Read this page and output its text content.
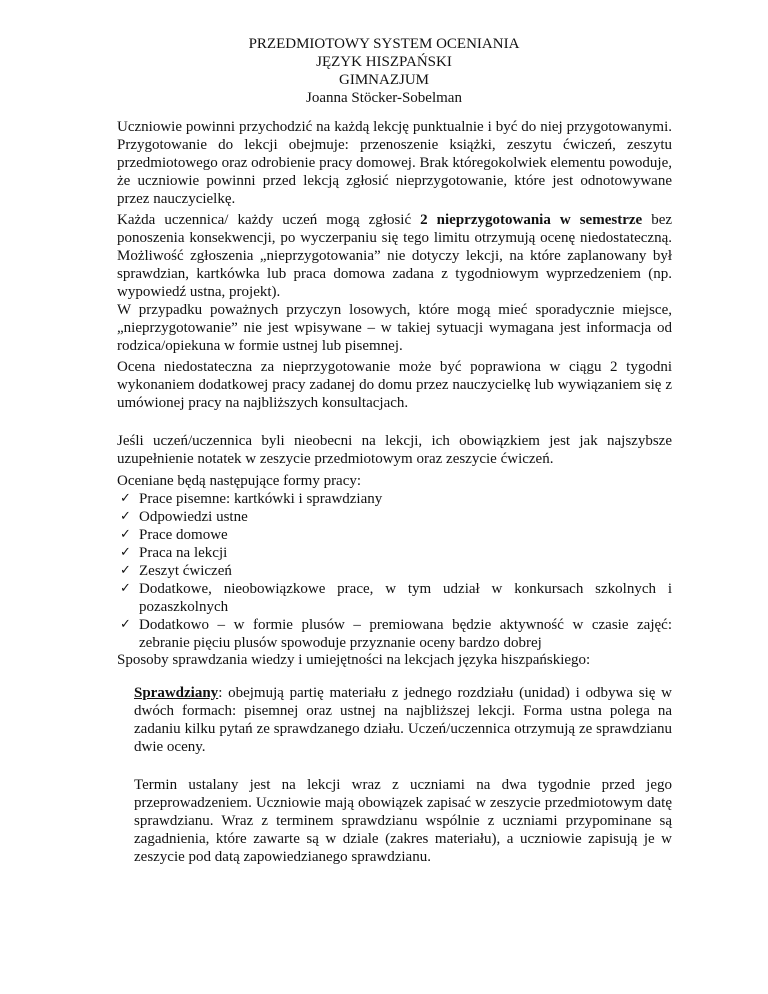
PRZEDMIOTOWY SYSTEM OCENIANIA
JĘZYK HISZPAŃSKI
GIMNAZJUM
Joanna Stöcker-Sobelman

Uczniowie powinni przychodzić na każdą lekcję punktualnie i być do niej przygotowanymi. Przygotowanie do lekcji obejmuje: przenoszenie książki, zeszytu ćwiczeń, zeszytu przedmiotowego oraz odrobienie pracy domowej. Brak któregokolwiek elementu powoduje, że uczniowie powinni przed lekcją zgłosić nieprzygotowanie, które jest odnotowywane przez nauczycielkę.

Każda uczennica/ każdy uczeń mogą zgłosić 2 nieprzygotowania w semestrze bez ponoszenia konsekwencji, po wyczerpaniu się tego limitu otrzymują ocenę niedostateczną. Możliwość zgłoszenia „nieprzygotowania” nie dotyczy lekcji, na które zaplanowany był sprawdzian, kartkówka lub praca domowa zadana z tygodniowym wyprzedzeniem (np. wypowiedź ustna, projekt).

W przypadku poważnych przyczyn losowych, które mogą mieć sporadycznie miejsce, „nieprzygotowanie” nie jest wpisywane – w takiej sytuacji wymagana jest informacja od rodzica/opiekuna w formie ustnej lub pisemnej.

Ocena niedostateczna za nieprzygotowanie może być poprawiona w ciągu 2 tygodni wykonaniem dodatkowej pracy zadanej do domu przez nauczycielkę lub wywiązaniem się z umówionej pracy na najbliższych konsultacjach.

Jeśli uczeń/uczennica byli nieobecni na lekcji, ich obowiązkiem jest jak najszybsze uzupełnienie notatek w zeszycie przedmiotowym oraz zeszycie ćwiczeń.

Oceniane będą następujące formy pracy:

✓ Prace pisemne: kartkówki i sprawdziany
✓ Odpowiedzi ustne
✓ Prace domowe
✓ Praca na lekcji
✓ Zeszyt ćwiczeń
✓ Dodatkowe, nieobowiązkowe prace, w tym udział w konkursach szkolnych i pozaszkolnych
✓ Dodatkowo – w formie plusów – premiowana będzie aktywność w czasie zajęć: zebranie pięciu plusów spowoduje przyznanie oceny bardzo dobrej

Sposoby sprawdzania wiedzy i umiejętności na lekcjach języka hiszpańskiego:

Sprawdziany: obejmują partię materiału z jednego rozdziału (unidad) i odbywa się w dwóch formach: pisemnej oraz ustnej na najbliższej lekcji. Forma ustna polega na zadaniu kilku pytań ze sprawdzanego działu. Uczeń/uczennica otrzymują ze sprawdzianu dwie oceny.

Termin ustalany jest na lekcji wraz z uczniami na dwa tygodnie przed jego przeprowadzeniem. Uczniowie mają obowiązek zapisać w zeszycie przedmiotowym datę sprawdzianu. Wraz z terminem sprawdzianu wspólnie z uczniami przypominane są zagadnienia, które zawarte są w dziale (zakres materiału), a uczniowie zapisują je w zeszycie pod datą zapowiedzianego sprawdzianu.
